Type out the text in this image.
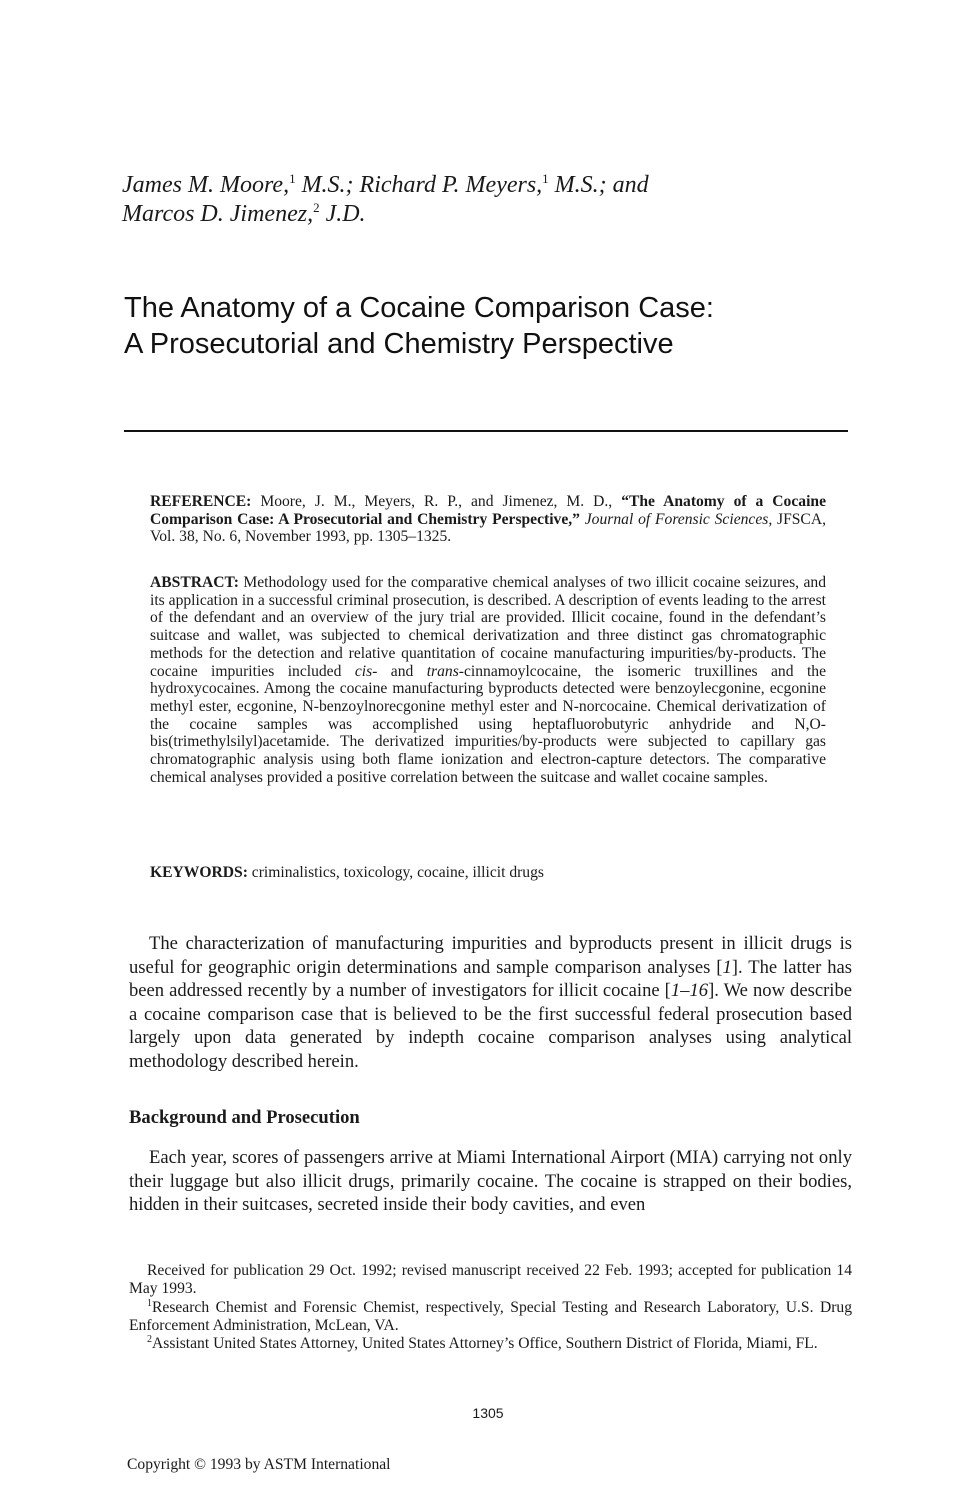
James M. Moore,$^1$ M.S.; Richard P. Meyers,$^1$ M.S.; and
Marcos D. Jimenez,$^2$ J.D.
The Anatomy of a Cocaine Comparison Case:
A Prosecutorial and Chemistry Perspective

REFERENCE: Moore, J. M., Meyers, R. P., and Jimenez, M. D., “The Anatomy of a Cocaine Comparison Case: A Prosecutorial and Chemistry Perspective,” Journal of Forensic Sciences, JFSCA, Vol. 38, No. 6, November 1993, pp. 1305–1325.

ABSTRACT: Methodology used for the comparative chemical analyses of two illicit cocaine seizures, and its application in a successful criminal prosecution, is described. A description of events leading to the arrest of the defendant and an overview of the jury trial are provided. Illicit cocaine, found in the defendant’s suitcase and wallet, was subjected to chemical derivatization and three distinct gas chromatographic methods for the detection and relative quantitation of cocaine manufacturing impurities/by-products. The cocaine impurities included cis- and trans-cinnamoylcocaine, the isomeric truxillines and the hydroxycocaines. Among the cocaine manufacturing byproducts detected were benzoylecgonine, ecgonine methyl ester, ecgonine, N-benzoylnorecgonine methyl ester and N-norcocaine. Chemical derivatization of the cocaine samples was accomplished using heptafluorobutyric anhydride and N,O-bis(trimethylsilyl)acetamide. The derivatized impurities/by-products were subjected to capillary gas chromatographic analysis using both flame ionization and electron-capture detectors. The comparative chemical analyses provided a positive correlation between the suitcase and wallet cocaine samples.

KEYWORDS: criminalistics, toxicology, cocaine, illicit drugs

The characterization of manufacturing impurities and byproducts present in illicit drugs is useful for geographic origin determinations and sample comparison analyses [1]. The latter has been addressed recently by a number of investigators for illicit cocaine [1–16]. We now describe a cocaine comparison case that is believed to be the first successful federal prosecution based largely upon data generated by indepth cocaine comparison analyses using analytical methodology described herein.

Background and Prosecution

Each year, scores of passengers arrive at Miami International Airport (MIA) carrying not only their luggage but also illicit drugs, primarily cocaine. The cocaine is strapped on their bodies, hidden in their suitcases, secreted inside their body cavities, and even

Received for publication 29 Oct. 1992; revised manuscript received 22 Feb. 1993; accepted for publication 14 May 1993.

$^1$Research Chemist and Forensic Chemist, respectively, Special Testing and Research Laboratory, U.S. Drug Enforcement Administration, McLean, VA.

$^2$Assistant United States Attorney, United States Attorney’s Office, Southern District of Florida, Miami, FL.

1305
Copyright © 1993 by ASTM International
